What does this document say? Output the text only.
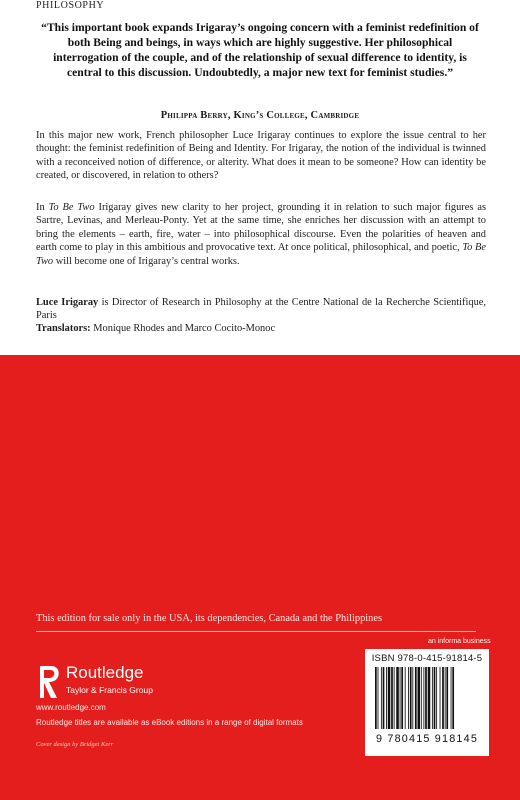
PHILOSOPHY
“This important book expands Irigaray’s ongoing concern with a feminist redefinition of both Being and beings, in ways which are highly suggestive. Her philosophical interrogation of the couple, and of the relationship of sexual difference to identity, is central to this discussion. Undoubtedly, a major new text for feminist studies.”
Philippa Berry, King’s College, Cambridge
In this major new work, French philosopher Luce Irigaray continues to explore the issue central to her thought: the feminist redefinition of Being and Identity. For Irigaray, the notion of the individual is twinned with a reconceived notion of difference, or alterity. What does it mean to be someone? How can identity be created, or discovered, in relation to others?
In To Be Two Irigaray gives new clarity to her project, grounding it in relation to such major figures as Sartre, Levinas, and Merleau-Ponty. Yet at the same time, she enriches her discussion with an attempt to bring the elements – earth, fire, water – into philosophical discourse. Even the polarities of heaven and earth come to play in this ambitious and provocative text. At once political, philosophical, and poetic, To Be Two will become one of Irigaray’s central works.
Luce Irigaray is Director of Research in Philosophy at the Centre National de la Recherche Scientifique, Paris
Translators: Monique Rhodes and Marco Cocito-Monoc
This edition for sale only in the USA, its dependencies, Canada and the Philippines
an informa business
Routledge
Taylor & Francis Group
www.routledge.com
Routledge titles are available as eBook editions in a range of digital formats
Cover design by Bridget Kerr
ISBN 978-0-415-91814-5
9 780415 918145
